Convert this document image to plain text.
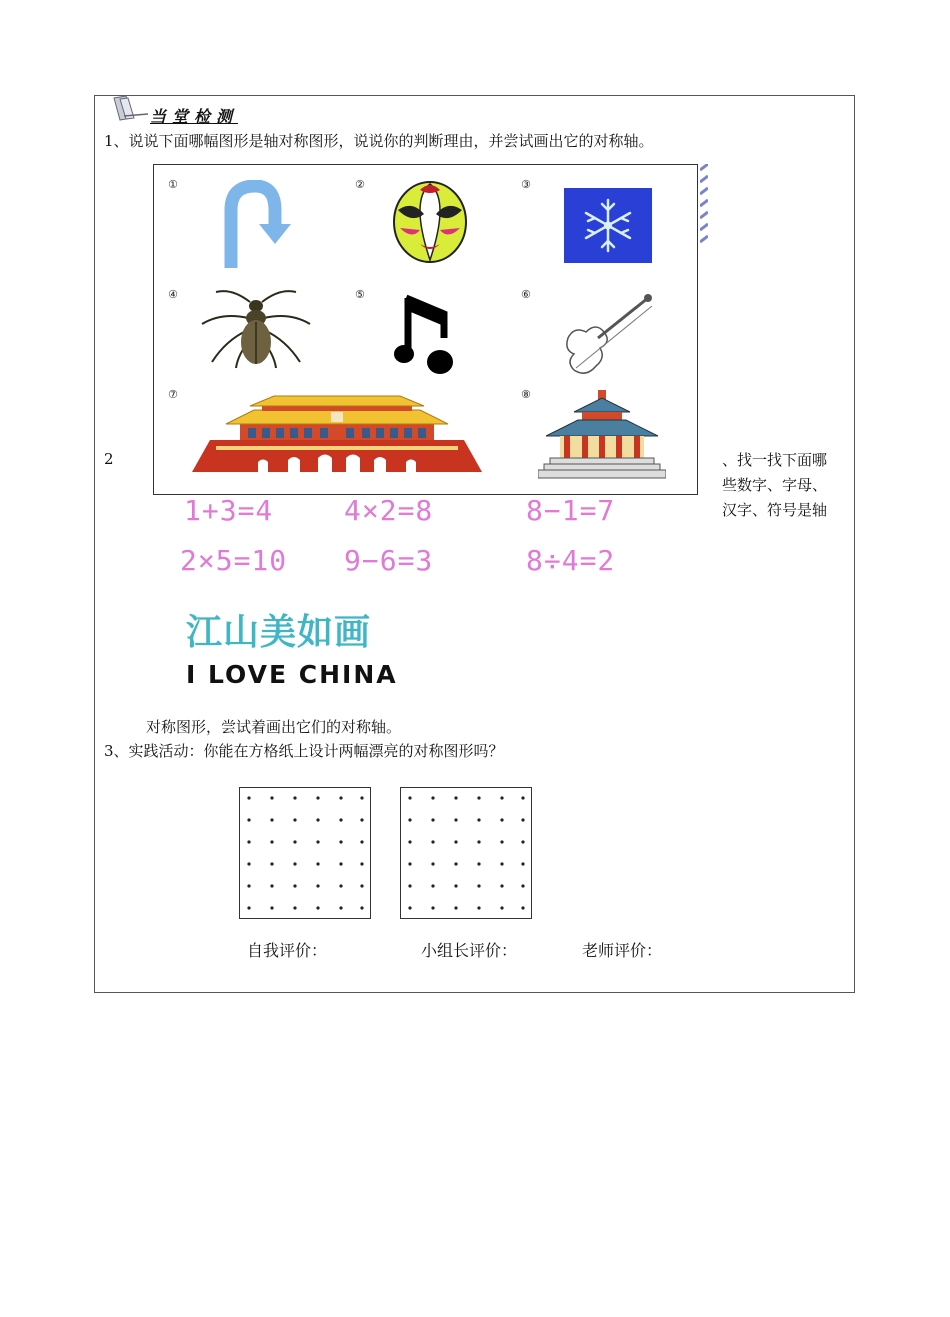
当堂检测
1、说说下面哪幅图形是轴对称图形，说说你的判断理由，并尝试画出它的对称轴。
①	②	③
④	⑤	⑥
⑦	⑧
2	、找一找下面哪
些数字、字母、
汉字、符号是轴
1+3=4	4×2=8	8−1=7
2×5=10 9−6=3	8÷4=2
江山美如画
I LOVE CHINA
对称图形，尝试着画出它们的对称轴。
3、实践活动：你能在方格纸上设计两幅漂亮的对称图形吗？
自我评价：	小组长评价：	老师评价：
